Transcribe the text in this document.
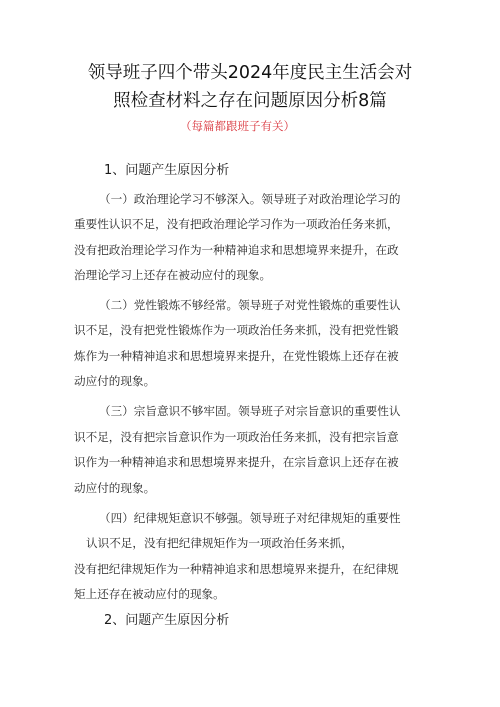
领导班子四个带头2024年度民主生活会对
照检查材料之存在问题原因分析8篇
（每篇都跟班子有关）
1、问题产生原因分析
（一）政治理论学习不够深入。领导班子对政治理论学习的
重要性认识不足，没有把政治理论学习作为一项政治任务来抓，
没有把政治理论学习作为一种精神追求和思想境界来提升，在政
治理论学习上还存在被动应付的现象。
（二）党性锻炼不够经常。领导班子对党性锻炼的重要性认
识不足，没有把党性锻炼作为一项政治任务来抓，没有把党性锻
炼作为一种精神追求和思想境界来提升，在党性锻炼上还存在被
动应付的现象。
（三）宗旨意识不够牢固。领导班子对宗旨意识的重要性认
识不足，没有把宗旨意识作为一项政治任务来抓，没有把宗旨意
识作为一种精神追求和思想境界来提升，在宗旨意识上还存在被
动应付的现象。
（四）纪律规矩意识不够强。领导班子对纪律规矩的重要性
认识不足，没有把纪律规矩作为一项政治任务来抓，
没有把纪律规矩作为一种精神追求和思想境界来提升，在纪律规
矩上还存在被动应付的现象。
2、问题产生原因分析
